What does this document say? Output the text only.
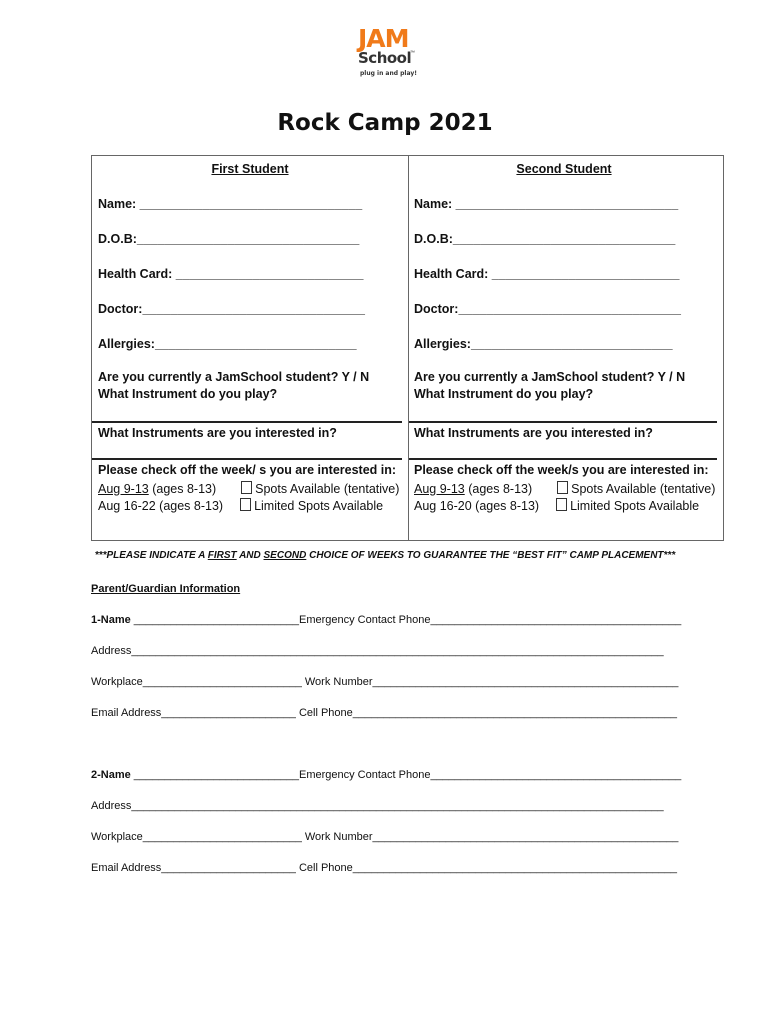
JAM
School
™
plug in and play!
Rock Camp 2021
First Student
Name: ________________________________
D.O.B:________________________________
Health Card: ___________________________
Doctor:________________________________
Allergies:_____________________________
Are you currently a JamSchool student? Y / N
What Instrument do you play?
What Instruments are you interested in?
Please check off the week/ s you are interested in:
Aug 9-13 (ages 8-13)	Spots Available (tentative)
Aug 16-22 (ages 8-13) Limited Spots Available
Second Student
Name: ________________________________
D.O.B:________________________________
Health Card: ___________________________
Doctor:________________________________
Allergies:_____________________________
Are you currently a JamSchool student? Y / N
What Instrument do you play?
What Instruments are you interested in?
Please check off the week/s you are interested in:
Aug 9-13 (ages 8-13)	Spots Available (tentative)
Aug 16-20 (ages 8-13) Limited Spots Available
***PLEASE INDICATE A FIRST AND SECOND CHOICE OF WEEKS TO GUARANTEE THE “BEST FIT” CAMP PLACEMENT***
Parent/Guardian Information
1-Name ___________________________Emergency Contact Phone_________________________________________
Address_______________________________________________________________________________________
Workplace__________________________ Work Number__________________________________________________
Email Address______________________ Cell Phone_____________________________________________________
2-Name ___________________________Emergency Contact Phone_________________________________________
Address_______________________________________________________________________________________
Workplace__________________________ Work Number__________________________________________________
Email Address______________________ Cell Phone_____________________________________________________
